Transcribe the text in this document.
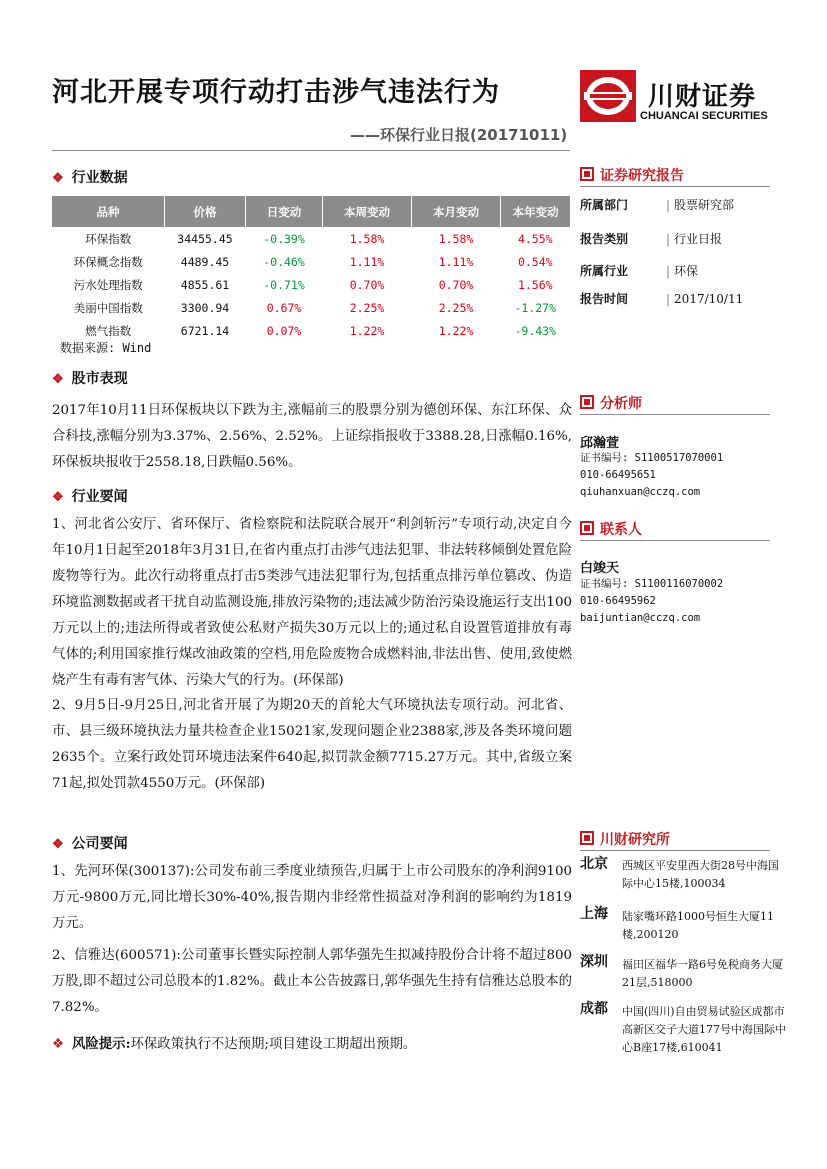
河北开展专项行动打击涉气违法行为
——环保行业日报(20171011)
川财证券
CHUANCAI SECURITIES
❖ 行业数据
品种	价格	日变动	本周变动	本月变动	本年变动
环保指数	34455.45	-0.39%	1.58%	1.58%	4.55%
环保概念指数	4489.45	-0.46%	1.11%	1.11%	0.54%
污水处理指数	4855.61	-0.71%	0.70%	0.70%	1.56%
美丽中国指数	3300.94	0.67%	2.25%	2.25%	-1.27%
燃气指数	6721.14	0.07%	1.22%	1.22%	-9.43%
数据来源: Wind
❖ 股市表现
2017年10月11日环保板块以下跌为主,涨幅前三的股票分别为德创环保、东江环保、众合科技,涨幅分别为3.37%、2.56%、2.52%。上证综指报收于3388.28,日涨幅0.16%,环保板块报收于2558.18,日跌幅0.56%。
❖ 行业要闻
1、河北省公安厅、省环保厅、省检察院和法院联合展开“利剑斩污”专项行动,决定自今年10月1日起至2018年3月31日,在省内重点打击涉气违法犯罪、非法转移倾倒处置危险废物等行为。此次行动将重点打击5类涉气违法犯罪行为,包括重点排污单位篡改、伪造环境监测数据或者干扰自动监测设施,排放污染物的;违法减少防治污染设施运行支出100万元以上的;违法所得或者致使公私财产损失30万元以上的;通过私自设置管道排放有毒气体的;利用国家推行煤改油政策的空档,用危险废物合成燃料油,非法出售、使用,致使燃烧产生有毒有害气体、污染大气的行为。(环保部)
2、9月5日-9月25日,河北省开展了为期20天的首轮大气环境执法专项行动。河北省、市、县三级环境执法力量共检查企业15021家,发现问题企业2388家,涉及各类环境问题2635个。立案行政处罚环境违法案件640起,拟罚款金额7715.27万元。其中,省级立案71起,拟处罚款4550万元。(环保部)
❖ 公司要闻
1、先河环保(300137):公司发布前三季度业绩预告,归属于上市公司股东的净利润9100万元-9800万元,同比增长30%-40%,报告期内非经常性损益对净利润的影响约为1819万元。
2、信雅达(600571):公司董事长暨实际控制人郭华强先生拟减持股份合计将不超过800万股,即不超过公司总股本的1.82%。截止本公告披露日,郭华强先生持有信雅达总股本的7.82%。
❖ 风险提示:环保政策执行不达预期;项目建设工期超出预期。
证券研究报告
所属部门	| 股票研究部
报告类别	| 行业日报
所属行业	| 环保
报告时间	| 2017/10/11
分析师
邱瀚萱
证书编号: S1100517070001
010-66495651
qiuhanxuan@cczq.com
联系人
白竣天
证书编号: S1100116070002
010-66495962
baijuntian@cczq.com
川财研究所
北京 西城区平安里西大街28号中海国际中心15楼,100034
上海 陆家嘴环路1000号恒生大厦11楼,200120
深圳 福田区福华一路6号免税商务大厦21层,518000
成都 中国(四川)自由贸易试验区成都市高新区交子大道177号中海国际中心B座17楼,610041
